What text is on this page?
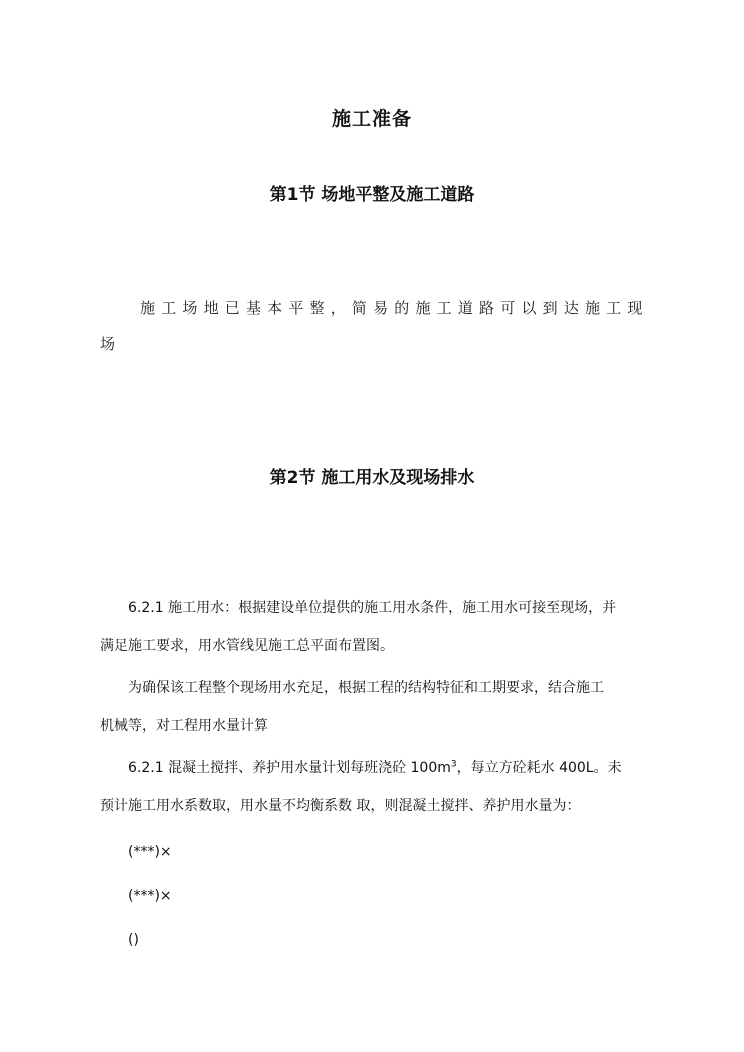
施工准备
第1节 场地平整及施工道路
施工场地已基本平整，简易的施工道路可以到达施工现场
第2节 施工用水及现场排水
6.2.1 施工用水：根据建设单位提供的施工用水条件，施工用水可接至现场，并
满足施工要求，用水管线见施工总平面布置图。
为确保该工程整个现场用水充足，根据工程的结构特征和工期要求，结合施工
机械等，对工程用水量计算
6.2.1 混凝土搅拌、养护用水量计划每班浇砼 $100m^3$，每立方砼耗水 400L。未
预计施工用水系数取，用水量不均衡系数 取，则混凝土搅拌、养护用水量为：
(***)×
(***)×
()
